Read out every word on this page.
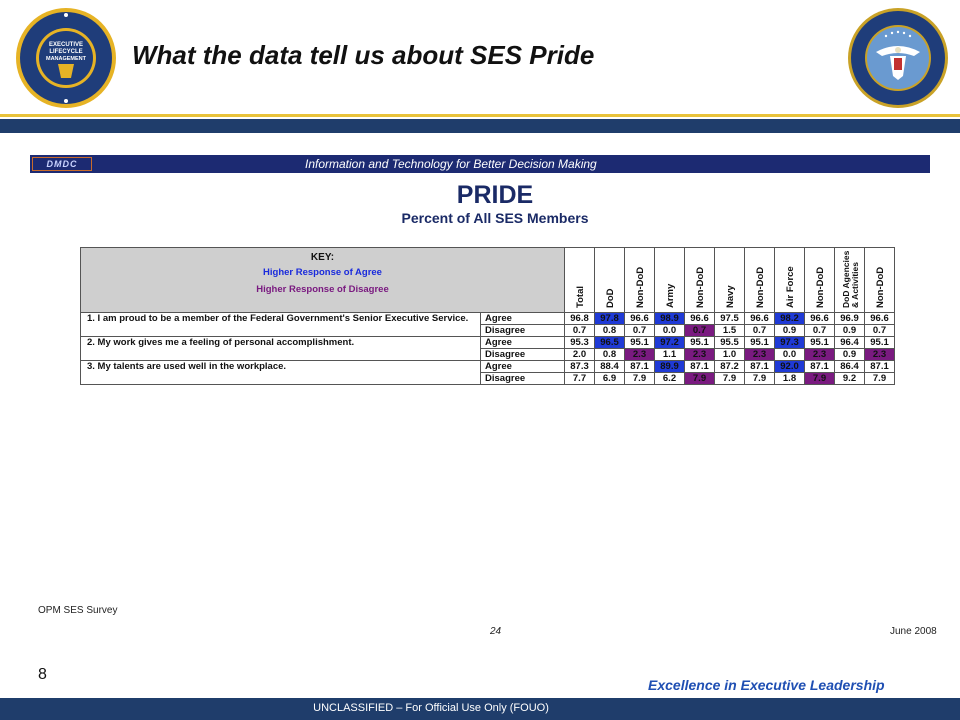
EXECUTIVE
LIFECYCLE
MANAGEMENT What the data tell us about SES Pride
DMDC	Information and Technology for Better Decision Making
PRIDE
Percent of All SES Members
KEY:
Higher Response of Agree
Higher Response of Disagree		Total	DoD	Non-DoD	Army	Non-DoD	Navy	Non-DoD	Air Force	Non-DoD	DoD Agencies & Activities	Non-DoD

1. I am proud to be a member of the Federal Government's Senior Executive Service.	Agree	96.8	97.8	96.6	98.9	96.6	97.5	96.6	98.2	96.6	96.9	96.6
	Disagree	0.7	0.8	0.7	0.0	0.7	1.5	0.7	0.9	0.7	0.9	0.7
2. My work gives me a feeling of personal accomplishment.	Agree	95.3	96.5	95.1	97.2	95.1	95.5	95.1	97.3	95.1	96.4	95.1
	Disagree	2.0	0.8	2.3	1.1	2.3	1.0	2.3	0.0	2.3	0.9	2.3
3. My talents are used well in the workplace.	Agree	87.3	88.4	87.1	89.9	87.1	87.2	87.1	92.0	87.1	86.4	87.1
	Disagree	7.7	6.9	7.9	6.2	7.9	7.9	7.9	1.8	7.9	9.2	7.9
OPM SES Survey
24	June 2008
8
Excellence in Executive Leadership
UNCLASSIFIED – For Official Use Only (FOUO)
